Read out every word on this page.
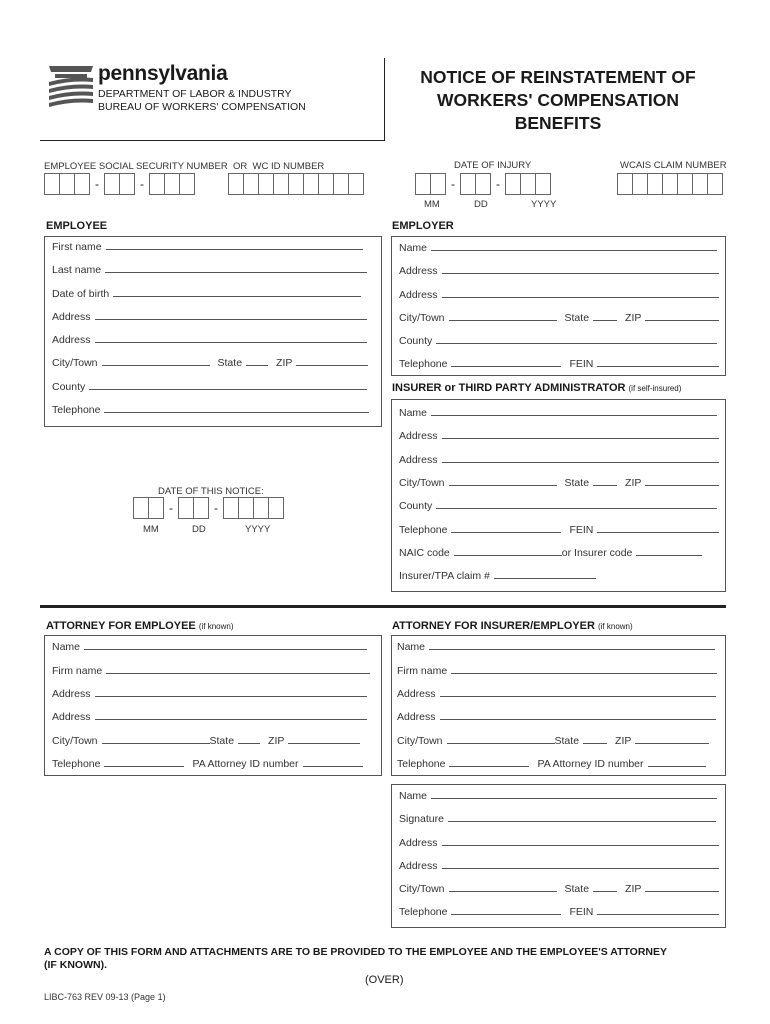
pennsylvania
DEPARTMENT OF LABOR & INDUSTRY
BUREAU OF WORKERS' COMPENSATION
NOTICE OF REINSTATEMENT OF
WORKERS' COMPENSATION
BENEFITS
EMPLOYEE SOCIAL SECURITY NUMBER  OR  WC ID NUMBER
-	-
DATE OF INJURY
-	-
MM	DD	YYYY
WCAIS CLAIM NUMBER
EMPLOYEE
First name
Last name
Date of birth
Address
Address
City/Town	State	ZIP
County
Telephone
DATE OF THIS NOTICE:
-	-
MM	DD	YYYY
EMPLOYER
Name
Address
Address
City/Town	State	ZIP
County
Telephone	FEIN
INSURER or THIRD PARTY ADMINISTRATOR (if self-insured)
Name
Address
Address
City/Town	State	ZIP
County
Telephone	FEIN
NAIC code	or Insurer code
Insurer/TPA claim #
ATTORNEY FOR EMPLOYEE (if known)
Name
Firm name
Address
Address
City/Town	State	ZIP
Telephone	PA Attorney ID number
ATTORNEY FOR INSURER/EMPLOYER (if known)
Name
Firm name
Address
Address
City/Town	State	ZIP
Telephone	PA Attorney ID number
Name
Signature
Address
Address
City/Town	State	ZIP
Telephone	FEIN
A COPY OF THIS FORM AND ATTACHMENTS ARE TO BE PROVIDED TO THE EMPLOYEE AND THE EMPLOYEE'S ATTORNEY
(IF KNOWN).
(OVER)
LIBC-763 REV 09-13 (Page 1)
